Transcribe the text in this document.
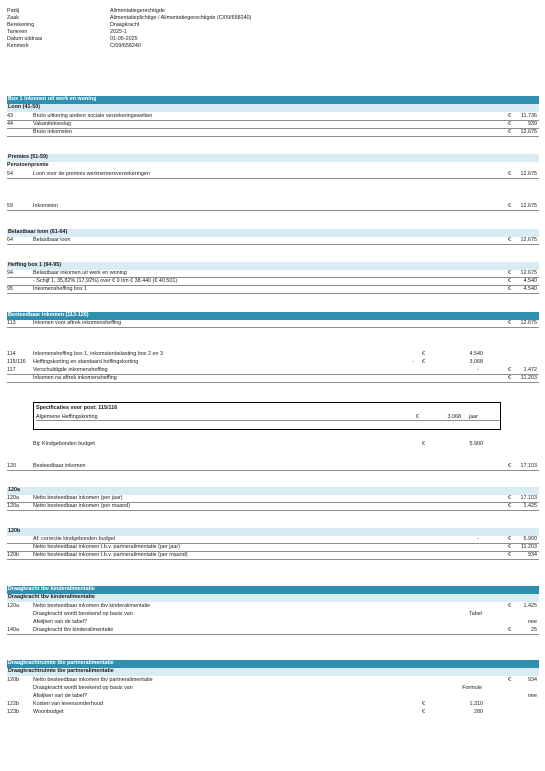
Partij	Alimentatiegerechtigde
Zaak	Alimentatieplichtige / Alimentatiegerechtigde (C/09/658240)
Berekening	Draagkracht
Tarieven	2025-1
Datum uitdraai	01-05-2025
Kenmerk	C/09/658240
Box 1 Inkomen uit werk en woning
Loon (41-50)
43	Bruto uitkering andere sociale verzekeringswetten	€	11.736
44	Vakantietoeslag	€	939
Bruto inkomsten	€	12.675
Premies (51-59)
Pensioenpremie
54	Loon voor de premies werknemersverzekeringen	€	12.675
59	Inkomsten	€	12.675
Belastbaar loon (61-64)
64	Belastbaar loon	€	12.675
Heffing box 1 (94-95)
94	Belastbaar inkomen uit werk en woning	€	12.675
- Schijf 1, 35,82% (17,92%) over € 0 t/m € 38.440 (€ 40.501)	€	4.540
95	Inkomensheffing box 1	€	4.540
Besteedbaar inkomen (113-120)
113	Inkomen voor aftrek inkomensheffing	€	12.675
114	Inkomensheffing box 1, inkomstenbelasting box 2 en 3	€	4.540
115/116 Heffingskorting en standaard heffingskorting	- €	3.068
117	Verschuldigde inkomensheffing	-	€	1.472
Inkomen na aftrek inkomensheffing	€	11.203
Specificaties voor post: 115/116
Algemene Heffingskorting	€	3.068 jaar
Bij: Kindgebonden budget	€	5.900
120	Besteedbaar inkomen	€	17.103
120a
120a	Netto besteedbaar inkomen (per jaar)	€	17.103
120a	Netto besteedbaar inkomen (per maand)	€	1.425
120b
Af: correctie kindgebonden budget	-	€	5.900
Netto besteedbaar inkomen t.b.v. partneralimentatie (per jaar)	€	11.203
120b	Netto besteedbaar inkomen t.b.v. partneralimentatie (per maand)	€	934
Draagkracht tbv kinderalimentatie
Draagkracht tbv kinderalimentatie
120a	Netto besteedbaar inkomen tbv kinderalimentatie	€	1.425
Draagkracht wordt berekend op basis van	Tabel
Afwijken van de tabel?	nee
140a	Draagkracht tbv kinderalimentatie	€	25
Draagkrachtruimte tbv partneralimentatie
Draagkrachtruimte tbv partneralimentatie
120b	Netto besteedbaar inkomen tbv partneralimentatie	€	934
Draagkracht wordt berekend op basis van	Formule
Afwijken van de tabel?	nee
122b	Kosten van levensonderhoud	€	1.310
123b	Woonbudget	€	280
